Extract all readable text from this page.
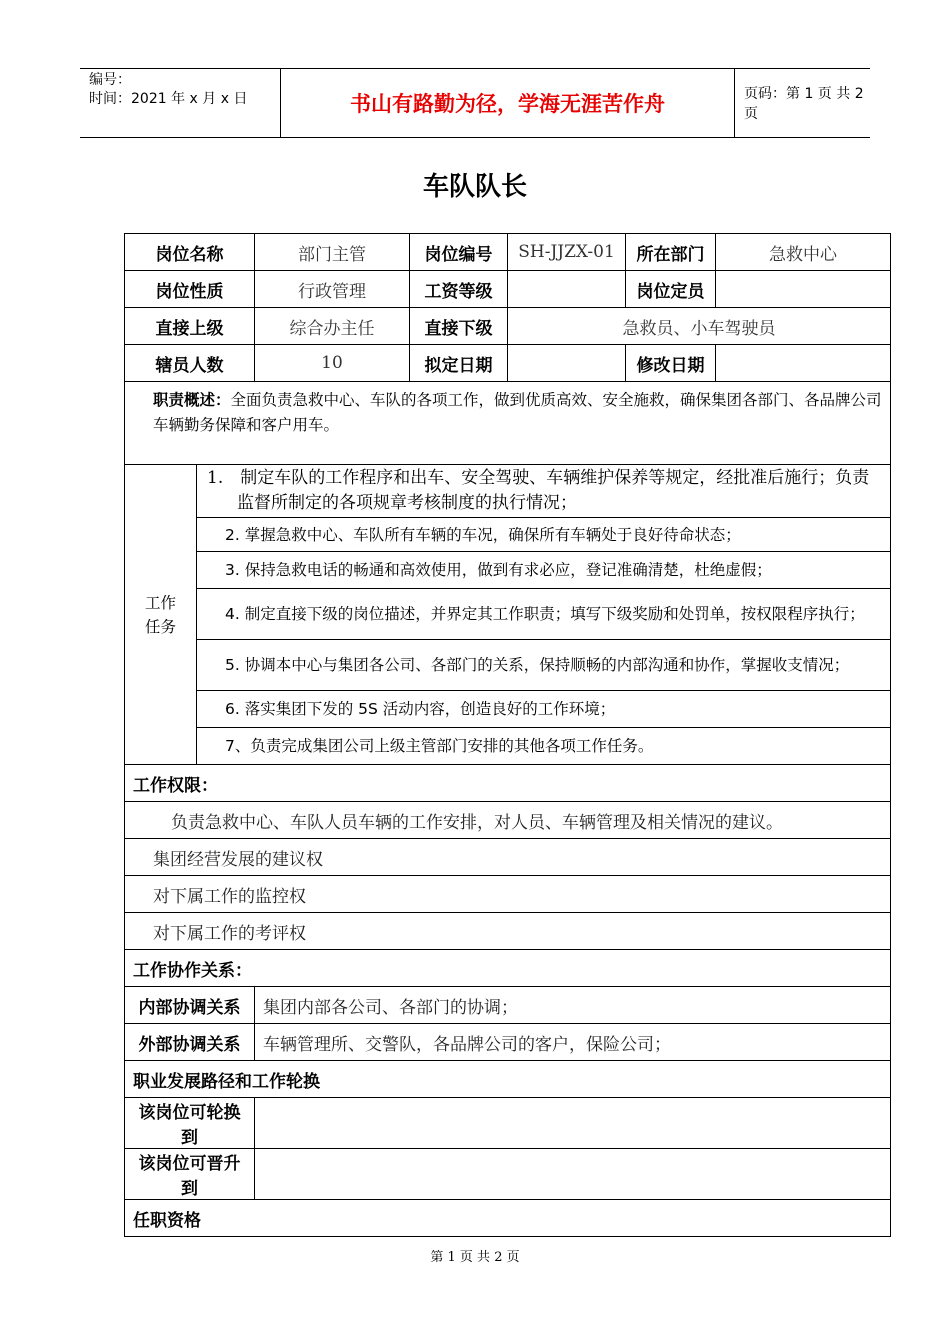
编号：
时间：2021 年 x 月 x 日	书山有路勤为径，学海无涯苦作舟	页码：第 1 页 共 2 页
车队队长
岗位名称		部门主管	岗位编号	SH-JJZX-01	所在部门	急救中心
岗位性质		行政管理	工资等级		岗位定员	
直接上级		综合办主任	直接下级	急救员、小车驾驶员		
辖员人数		10	拟定日期		修改日期	
职责概述：全面负责急救中心、车队的各项工作，做到优质高效、安全施救，确保集团各部门、各品牌公司车辆勤务保障和客户用车。						
工作
任务	1.　制定车队的工作程序和出车、安全驾驶、车辆维护保养等规定，经批准后施行；负责监督所制定的各项规章考核制度的执行情况；					
	2. 掌握急救中心、车队所有车辆的车况，确保所有车辆处于良好待命状态；					
	3. 保持急救电话的畅通和高效使用，做到有求必应，登记准确清楚，杜绝虚假；					
	4. 制定直接下级的岗位描述，并界定其工作职责；填写下级奖励和处罚单，按权限程序执行；					
	5. 协调本中心与集团各公司、各部门的关系，保持顺畅的内部沟通和协作，掌握收支情况；					
	6. 落实集团下发的 5S 活动内容，创造良好的工作环境；					
	7、负责完成集团公司上级主管部门安排的其他各项工作任务。					
工作权限：						
负责急救中心、车队人员车辆的工作安排，对人员、车辆管理及相关情况的建议。						
集团经营发展的建议权						
对下属工作的监控权						
对下属工作的考评权						
工作协作关系：						
内部协调关系		集团内部各公司、各部门的协调；				
外部协调关系		车辆管理所、交警队，各品牌公司的客户，保险公司；				
职业发展路径和工作轮换						
该岗位可轮换到						
该岗位可晋升到						
任职资格						
第 1 页 共 2 页
